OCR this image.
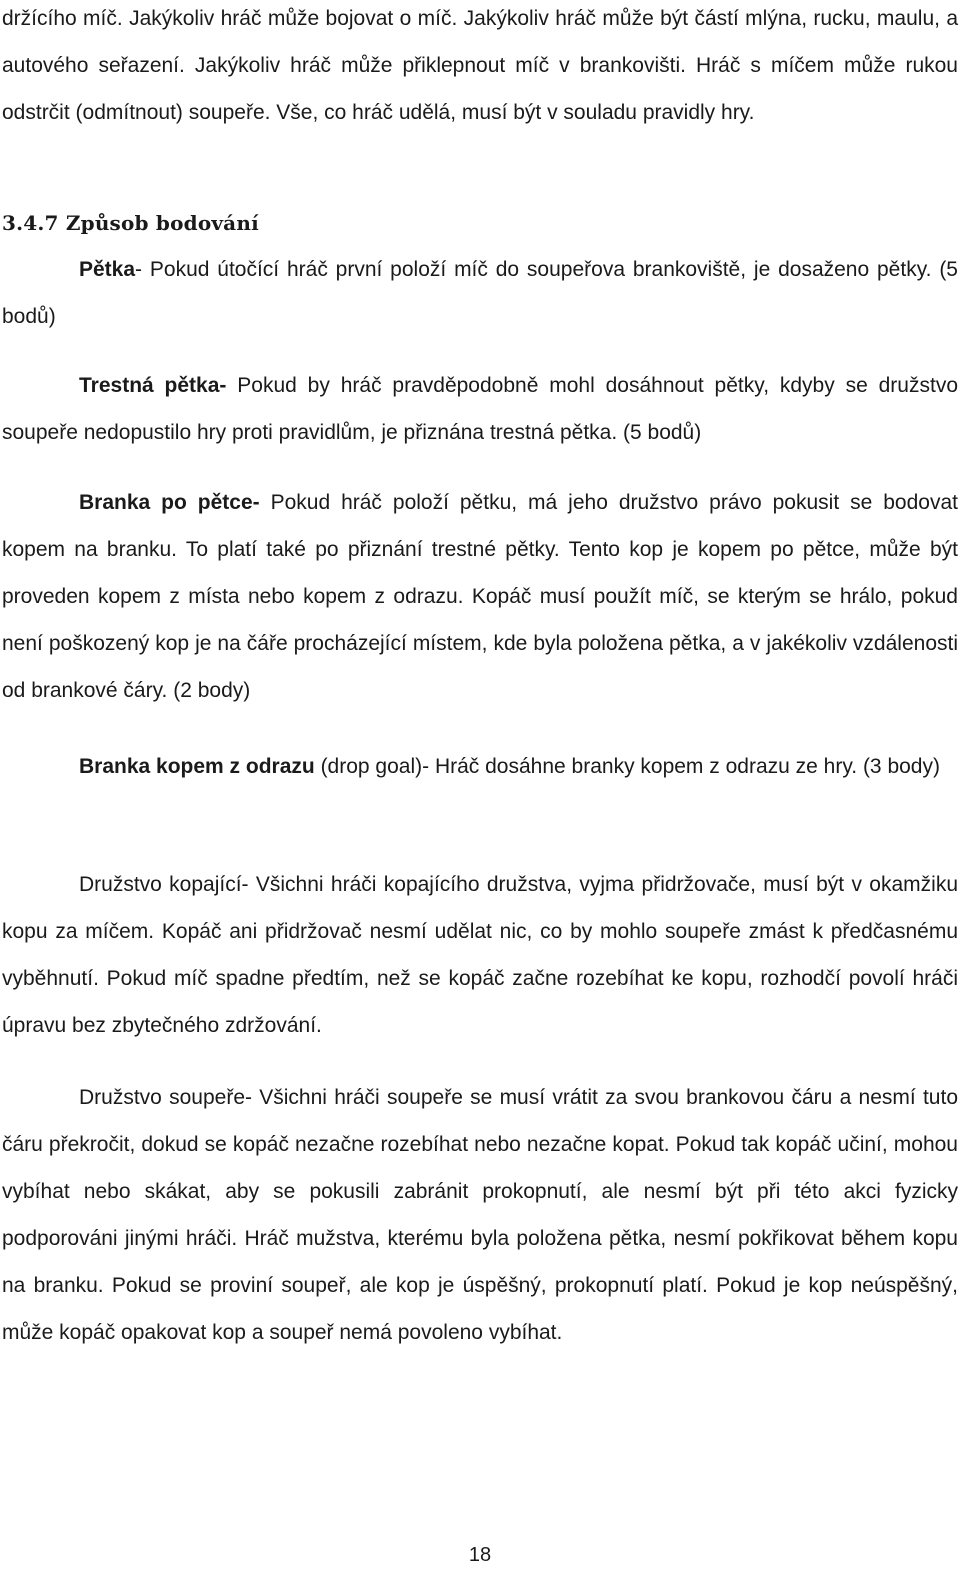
držícího míč. Jakýkoliv hráč může bojovat o míč. Jakýkoliv hráč může být částí mlýna, rucku, maulu, a autového seřazení. Jakýkoliv hráč může přiklepnout míč v brankovišti. Hráč s míčem může rukou odstrčit (odmítnout) soupeře. Vše, co hráč udělá, musí být v souladu pravidly hry.

3.4.7 Způsob bodování

Pětka- Pokud útočící hráč první položí míč do soupeřova brankoviště, je dosaženo pětky. (5 bodů)

Trestná pětka- Pokud by hráč pravděpodobně mohl dosáhnout pětky, kdyby se družstvo soupeře nedopustilo hry proti pravidlům, je přiznána trestná pětka. (5 bodů)

Branka po pětce- Pokud hráč položí pětku, má jeho družstvo právo pokusit se bodovat kopem na branku. To platí také po přiznání trestné pětky. Tento kop je kopem po pětce, může být proveden kopem z místa nebo kopem z odrazu. Kopáč musí použít míč, se kterým se hrálo, pokud není poškozený kop je na čáře procházející místem, kde byla položena pětka, a v jakékoliv vzdálenosti od brankové čáry. (2 body)

Branka kopem z odrazu (drop goal)- Hráč dosáhne branky kopem z odrazu ze hry. (3 body)

Družstvo kopající- Všichni hráči kopajícího družstva, vyjma přidržovače, musí být v okamžiku kopu za míčem. Kopáč ani přidržovač nesmí udělat nic, co by mohlo soupeře zmást k předčasnému vyběhnutí. Pokud míč spadne předtím, než se kopáč začne rozebíhat ke kopu, rozhodčí povolí hráči úpravu bez zbytečného zdržování.

Družstvo soupeře- Všichni hráči soupeře se musí vrátit za svou brankovou čáru a nesmí tuto čáru překročit, dokud se kopáč nezačne rozebíhat nebo nezačne kopat. Pokud tak kopáč učiní, mohou vybíhat nebo skákat, aby se pokusili zabránit prokopnutí, ale nesmí být při této akci fyzicky podporováni jinými hráči. Hráč mužstva, kterému byla položena pětka, nesmí pokřikovat během kopu na branku. Pokud se proviní soupeř, ale kop je úspěšný, prokopnutí platí. Pokud je kop neúspěšný, může kopáč opakovat kop a soupeř nemá povoleno vybíhat.

18
